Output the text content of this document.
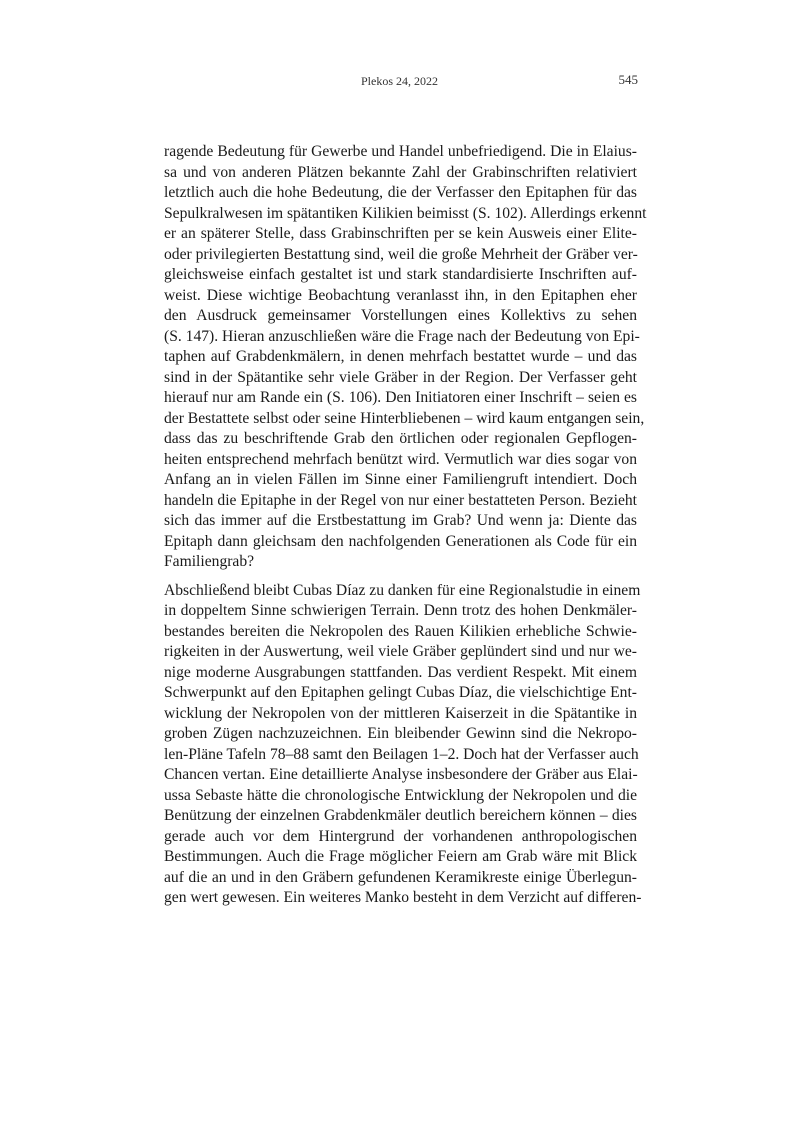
Plekos 24, 2022	545
ragende Bedeutung für Gewerbe und Handel unbefriedigend. Die in Elaius-
sa und von anderen Plätzen bekannte Zahl der Grabinschriften relativiert
letztlich auch die hohe Bedeutung, die der Verfasser den Epitaphen für das
Sepulkralwesen im spätantiken Kilikien beimisst (S. 102). Allerdings erkennt
er an späterer Stelle, dass Grabinschriften per se kein Ausweis einer Elite-
oder privilegierten Bestattung sind, weil die große Mehrheit der Gräber ver-
gleichsweise einfach gestaltet ist und stark standardisierte Inschriften auf-
weist. Diese wichtige Beobachtung veranlasst ihn, in den Epitaphen eher
den Ausdruck gemeinsamer Vorstellungen eines Kollektivs zu sehen
(S. 147). Hieran anzuschließen wäre die Frage nach der Bedeutung von Epi-
taphen auf Grabdenkmälern, in denen mehrfach bestattet wurde – und das
sind in der Spätantike sehr viele Gräber in der Region. Der Verfasser geht
hierauf nur am Rande ein (S. 106). Den Initiatoren einer Inschrift – seien es
der Bestattete selbst oder seine Hinterbliebenen – wird kaum entgangen sein,
dass das zu beschriftende Grab den örtlichen oder regionalen Gepflogen-
heiten entsprechend mehrfach benützt wird. Vermutlich war dies sogar von
Anfang an in vielen Fällen im Sinne einer Familiengruft intendiert. Doch
handeln die Epitaphe in der Regel von nur einer bestatteten Person. Bezieht
sich das immer auf die Erstbestattung im Grab? Und wenn ja: Diente das
Epitaph dann gleichsam den nachfolgenden Generationen als Code für ein
Familiengrab?
Abschließend bleibt Cubas Díaz zu danken für eine Regionalstudie in einem
in doppeltem Sinne schwierigen Terrain. Denn trotz des hohen Denkmäler-
bestandes bereiten die Nekropolen des Rauen Kilikien erhebliche Schwie-
rigkeiten in der Auswertung, weil viele Gräber geplündert sind und nur we-
nige moderne Ausgrabungen stattfanden. Das verdient Respekt. Mit einem
Schwerpunkt auf den Epitaphen gelingt Cubas Díaz, die vielschichtige Ent-
wicklung der Nekropolen von der mittleren Kaiserzeit in die Spätantike in
groben Zügen nachzuzeichnen. Ein bleibender Gewinn sind die Nekropo-
len-Pläne Tafeln 78–88 samt den Beilagen 1–2. Doch hat der Verfasser auch
Chancen vertan. Eine detaillierte Analyse insbesondere der Gräber aus Elai-
ussa Sebaste hätte die chronologische Entwicklung der Nekropolen und die
Benützung der einzelnen Grabdenkmäler deutlich bereichern können – dies
gerade auch vor dem Hintergrund der vorhandenen anthropologischen
Bestimmungen. Auch die Frage möglicher Feiern am Grab wäre mit Blick
auf die an und in den Gräbern gefundenen Keramikreste einige Überlegun-
gen wert gewesen. Ein weiteres Manko besteht in dem Verzicht auf differen-
